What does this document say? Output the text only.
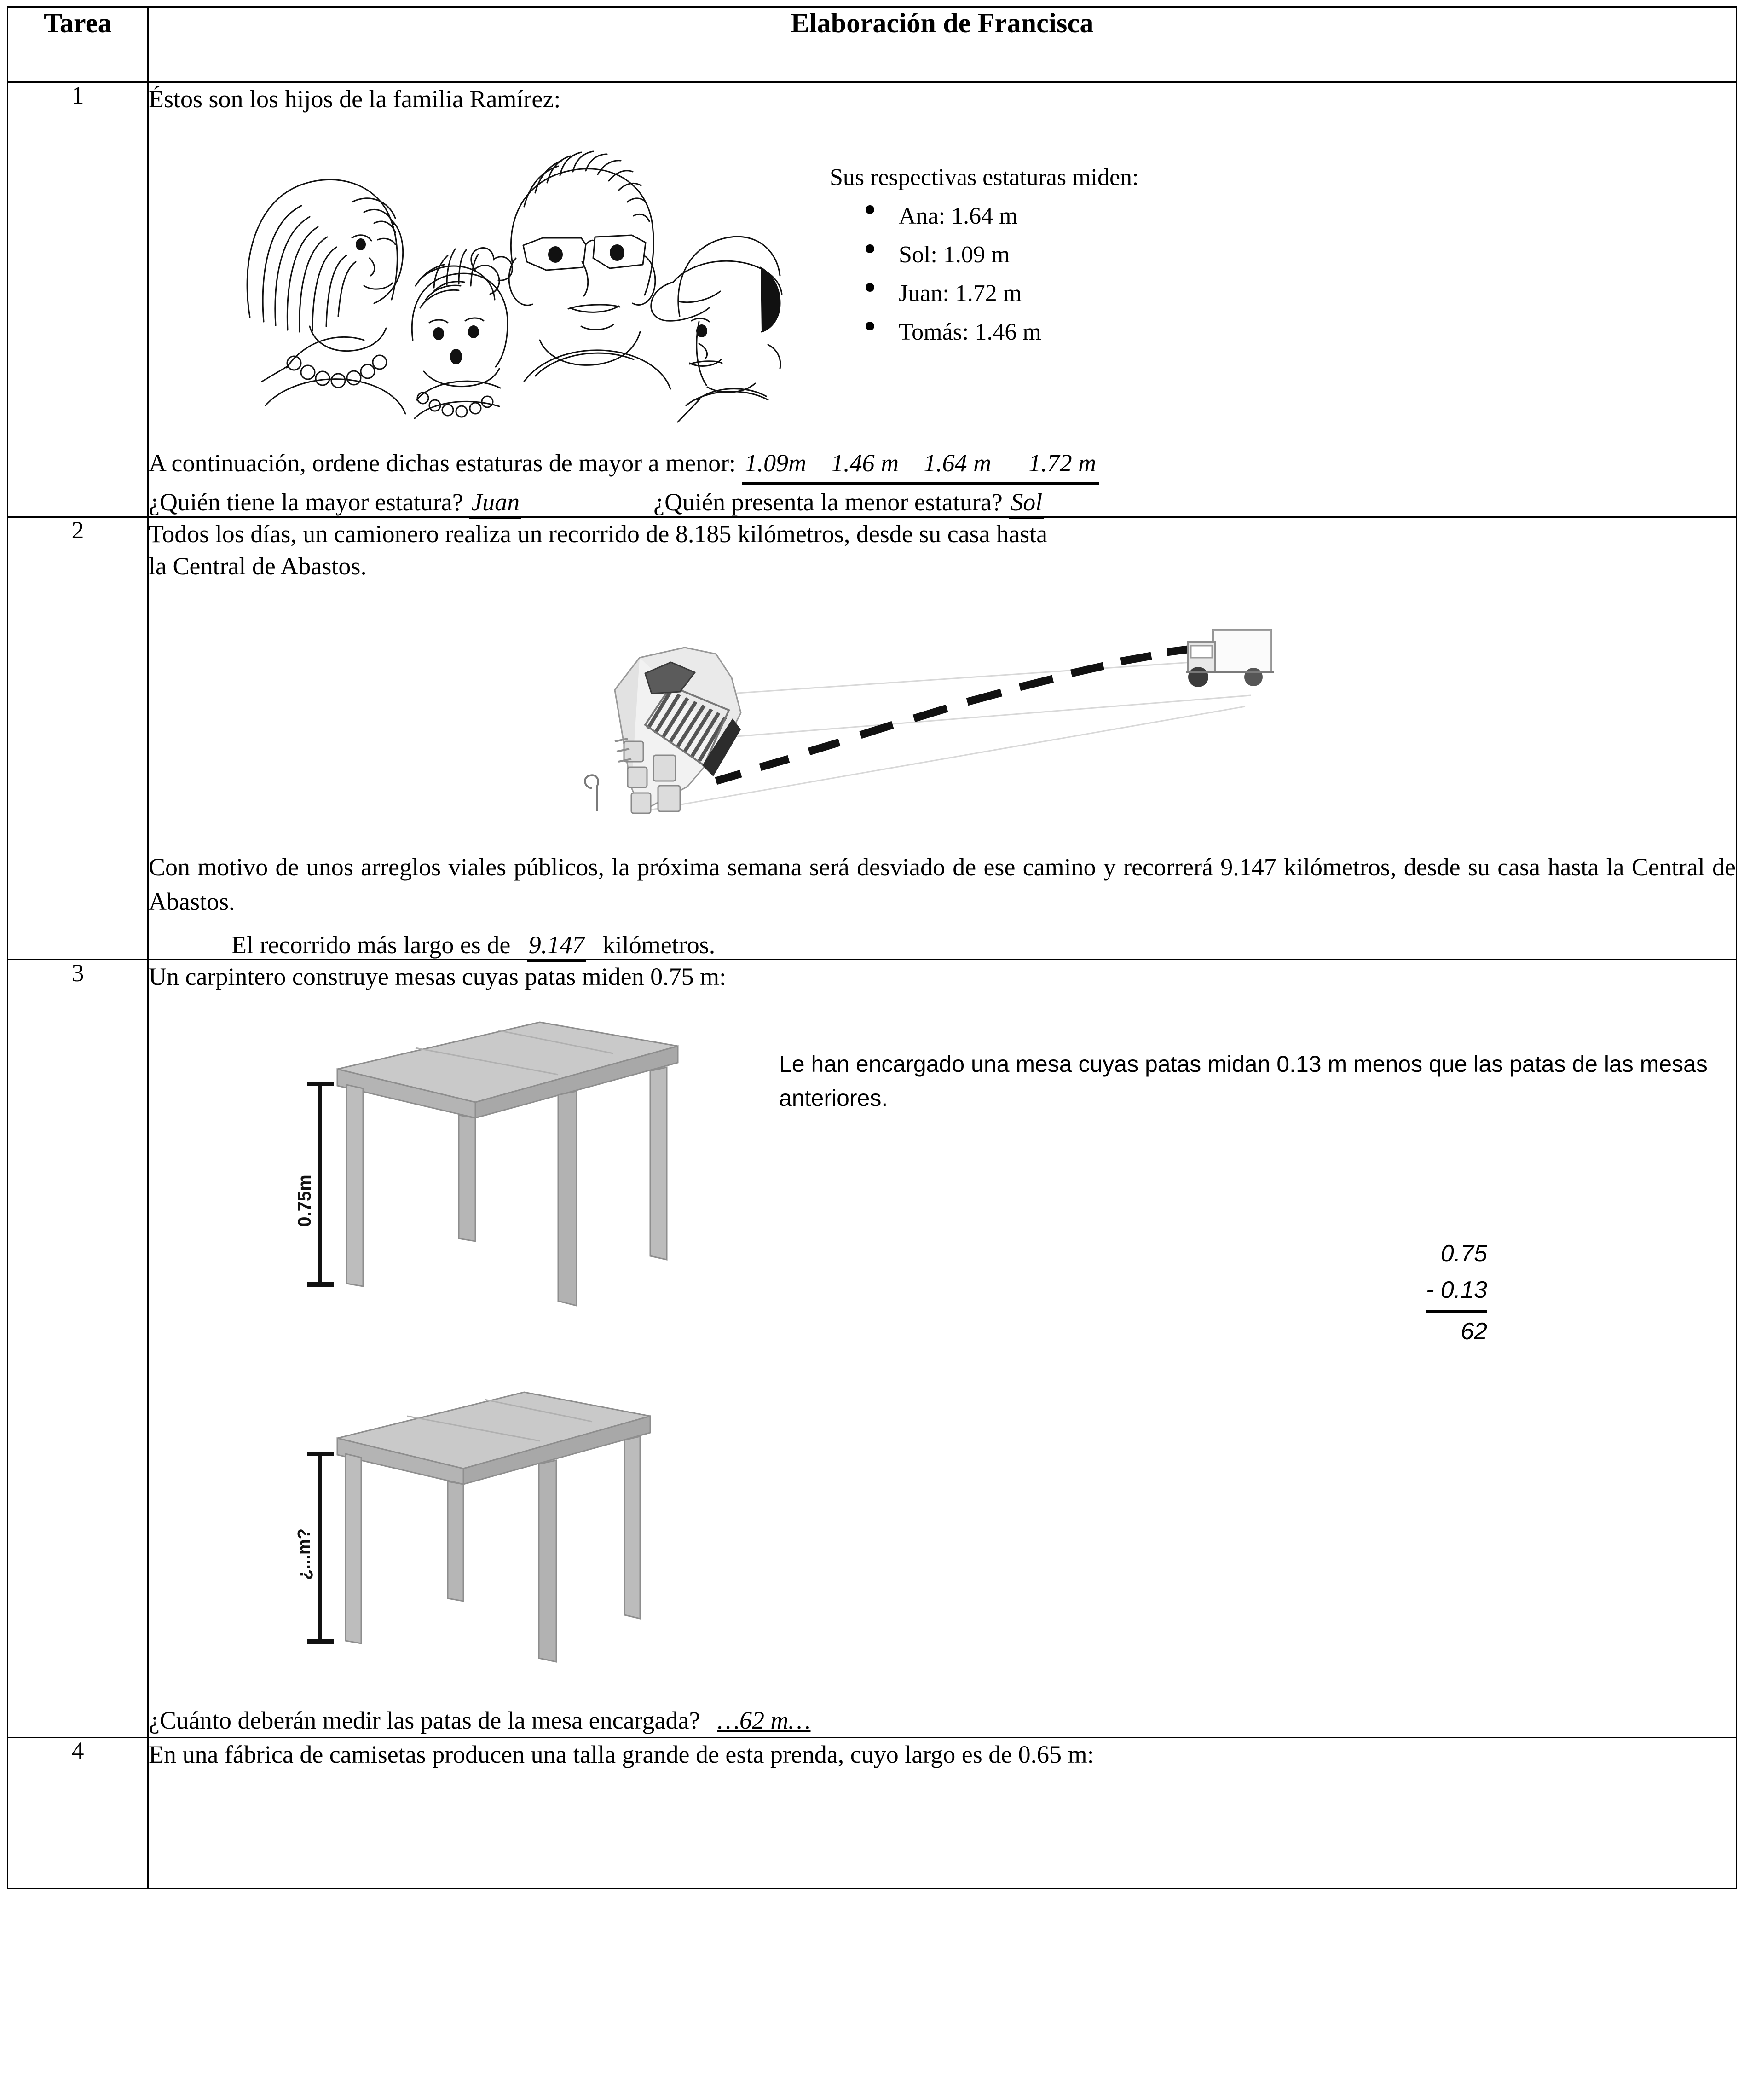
Tarea	Elaboración de Francisca

1	Éstos son los hijos de la familia Ramírez:
Sus respectivas estaturas miden:
Ana: 1.64 m
Sol: 1.09 m
Juan: 1.72 m
Tomás: 1.46 m
A continuación, ordene dichas estaturas de mayor a menor: 1.09m    1.46 m    1.64 m      1.72 m
¿Quién tiene la mayor estatura? Juan	¿Quién presenta la menor estatura? Sol

2	Todos los días, un camionero realiza un recorrido de 8.185 kilómetros, desde su casa hasta
la Central de Abastos.
Con motivo de unos arreglos viales públicos, la próxima semana será desviado de ese camino y recorrerá 9.147 kilómetros, desde su casa hasta la Central de Abastos.
El recorrido más largo es de 9.147 kilómetros.

3	Un carpintero construye mesas cuyas patas miden 0.75 m:
0.75m
¿...m?
Le han encargado una mesa cuyas patas midan 0.13 m menos que las patas de las mesas anteriores.
0.75
- 0.13
62
¿Cuánto deberán medir las patas de la mesa encargada? …62 m…

4	En una fábrica de camisetas producen una talla grande de esta prenda, cuyo largo es de 0.65 m:
